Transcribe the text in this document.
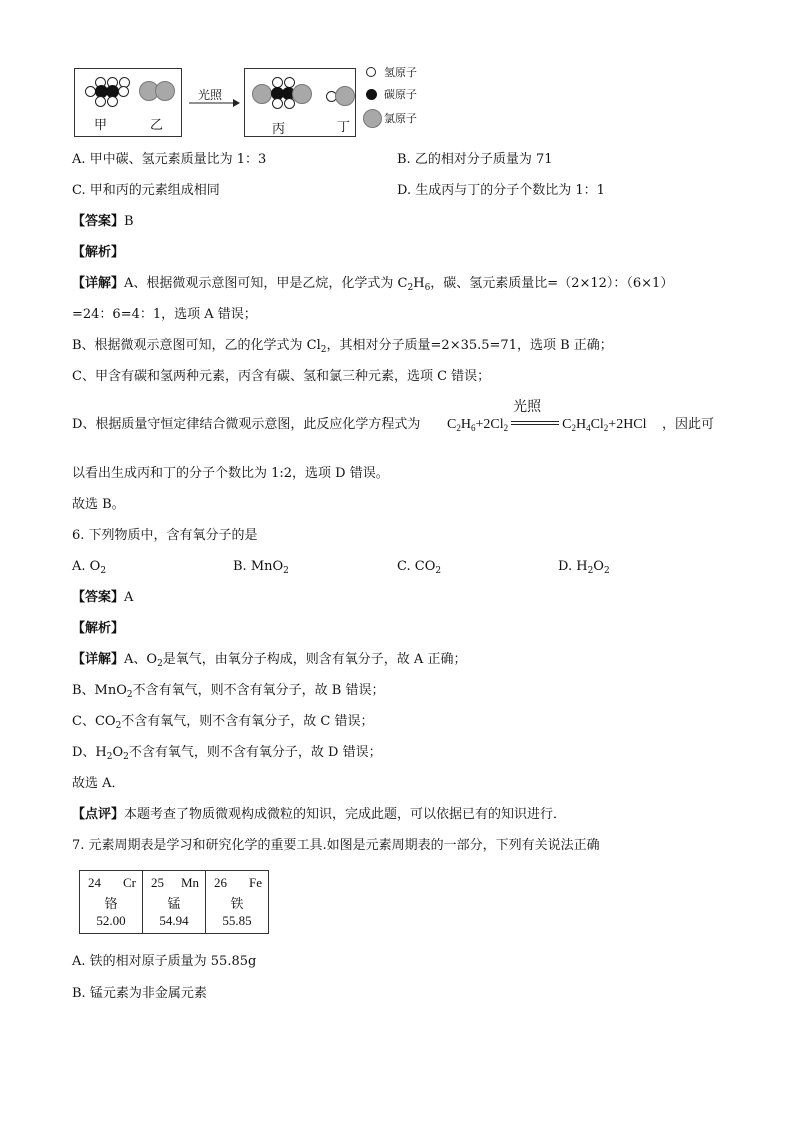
甲	乙
光照
丙	丁
氢原子
碳原子
氯原子
A. 甲中碳、氢元素质量比为 1：3	B. 乙的相对分子质量为 71
C. 甲和丙的元素组成相同	D. 生成丙与丁的分子个数比为 1：1
【答案】B
【解析】
【详解】A、根据微观示意图可知，甲是乙烷，化学式为 $C_2H_6$，碳、氢元素质量比=（2×12）：（6×1）
=24：6=4：1，选项 A 错误；
B、根据微观示意图可知，乙的化学式为 $Cl_2$，其相对分子质量=2×35.5=71，选项 B 正确；
C、甲含有碳和氢两种元素，丙含有碳、氢和氯三种元素，选项 C 错误；
D、根据质量守恒定律结合微观示意图，此反应化学方程式为 $C_2H_6+2Cl_2$
光照
$C_2H_4Cl_2+2HCl$ ，因此可
以看出生成丙和丁的分子个数比为 1:2，选项 D 错误。
故选 B。
6. 下列物质中，含有氧分子的是
A. $O_2$	B. MnO$_2$	C. $CO_2$	D. $H_2O_2$
【答案】A
【解析】
【详解】A、$O_2$是氧气，由氧分子构成，则含有氧分子，故 A 正确；
B、MnO$_2$不含有氧气，则不含有氧分子，故 B 错误；
C、$CO_2$不含有氧气，则不含有氧分子，故 C 错误；
D、$H_2O_2$不含有氧气，则不含有氧分子，故 D 错误；
故选 A．
【点评】本题考查了物质微观构成微粒的知识，完成此题，可以依据已有的知识进行．
7. 元素周期表是学习和研究化学的重要工具.如图是元素周期表的一部分，下列有关说法正确
24 Cr
铬
52.00

25 Mn
锰
54.94

26 Fe
铁
55.85
A. 铁的相对原子质量为 55.85g
B. 锰元素为非金属元素
